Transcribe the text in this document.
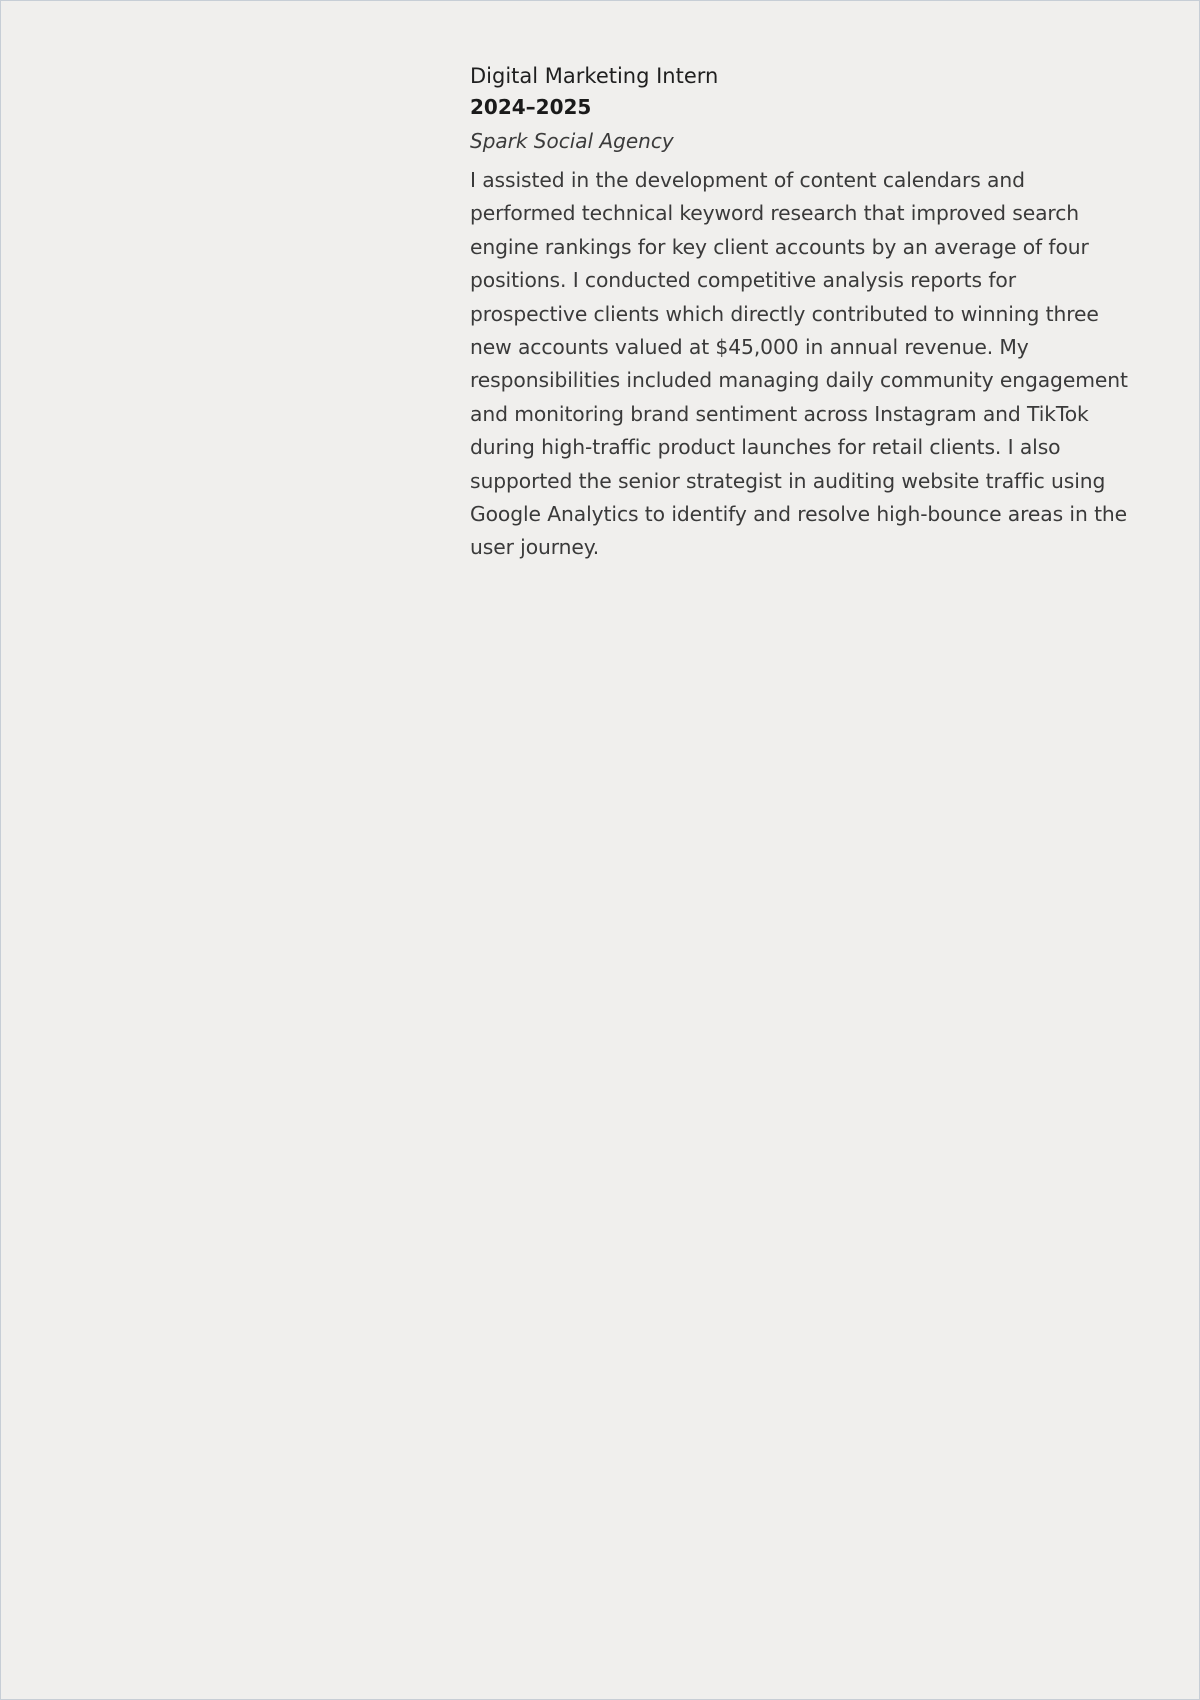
Digital Marketing Intern
2024–2025
Spark Social Agency

I assisted in the development of content calendars and performed technical keyword research that improved search engine rankings for key client accounts by an average of four positions. I conducted competitive analysis reports for prospective clients which directly contributed to winning three new accounts valued at $45,000 in annual revenue. My responsibilities included managing daily community engagement and monitoring brand sentiment across Instagram and TikTok during high-traffic product launches for retail clients. I also supported the senior strategist in auditing website traffic using Google Analytics to identify and resolve high-bounce areas in the user journey.
